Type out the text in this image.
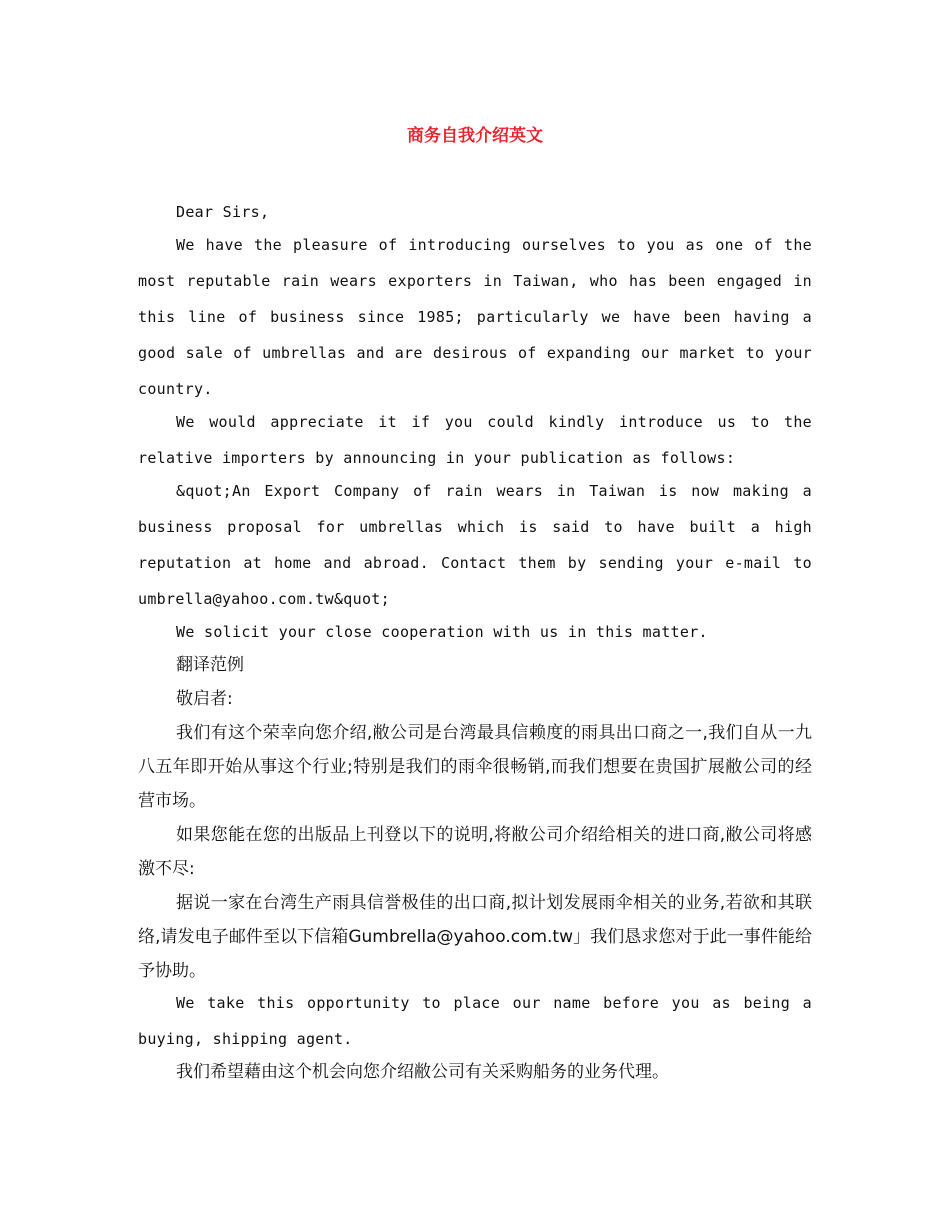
商务自我介绍英文

Dear Sirs,

We have the pleasure of introducing ourselves to you as one of the most reputable rain wears exporters in Taiwan, who has been engaged in this line of business since 1985; particularly we have been having a good sale of umbrellas and are desirous of expanding our market to your country.

We would appreciate it if you could kindly introduce us to the relative importers by announcing in your publication as follows:

&quot;An Export Company of rain wears in Taiwan is now making a business proposal for umbrellas which is said to have built a high reputation at home and abroad. Contact them by sending your e-mail to umbrella@yahoo.com.tw&quot;

We solicit your close cooperation with us in this matter.

翻译范例

敬启者:

我们有这个荣幸向您介绍,敝公司是台湾最具信赖度的雨具出口商之一,我们自从一九八五年即开始从事这个行业;特别是我们的雨伞很畅销,而我们想要在贵国扩展敝公司的经营市场。

如果您能在您的出版品上刊登以下的说明,将敝公司介绍给相关的进口商,敝公司将感激不尽:

据说一家在台湾生产雨具信誉极佳的出口商,拟计划发展雨伞相关的业务,若欲和其联络,请发电子邮件至以下信箱Gumbrella@yahoo.com.tw」我们恳求您对于此一事件能给予协助。

We take this opportunity to place our name before you as being a buying, shipping agent.

我们希望藉由这个机会向您介绍敝公司有关采购船务的业务代理。
